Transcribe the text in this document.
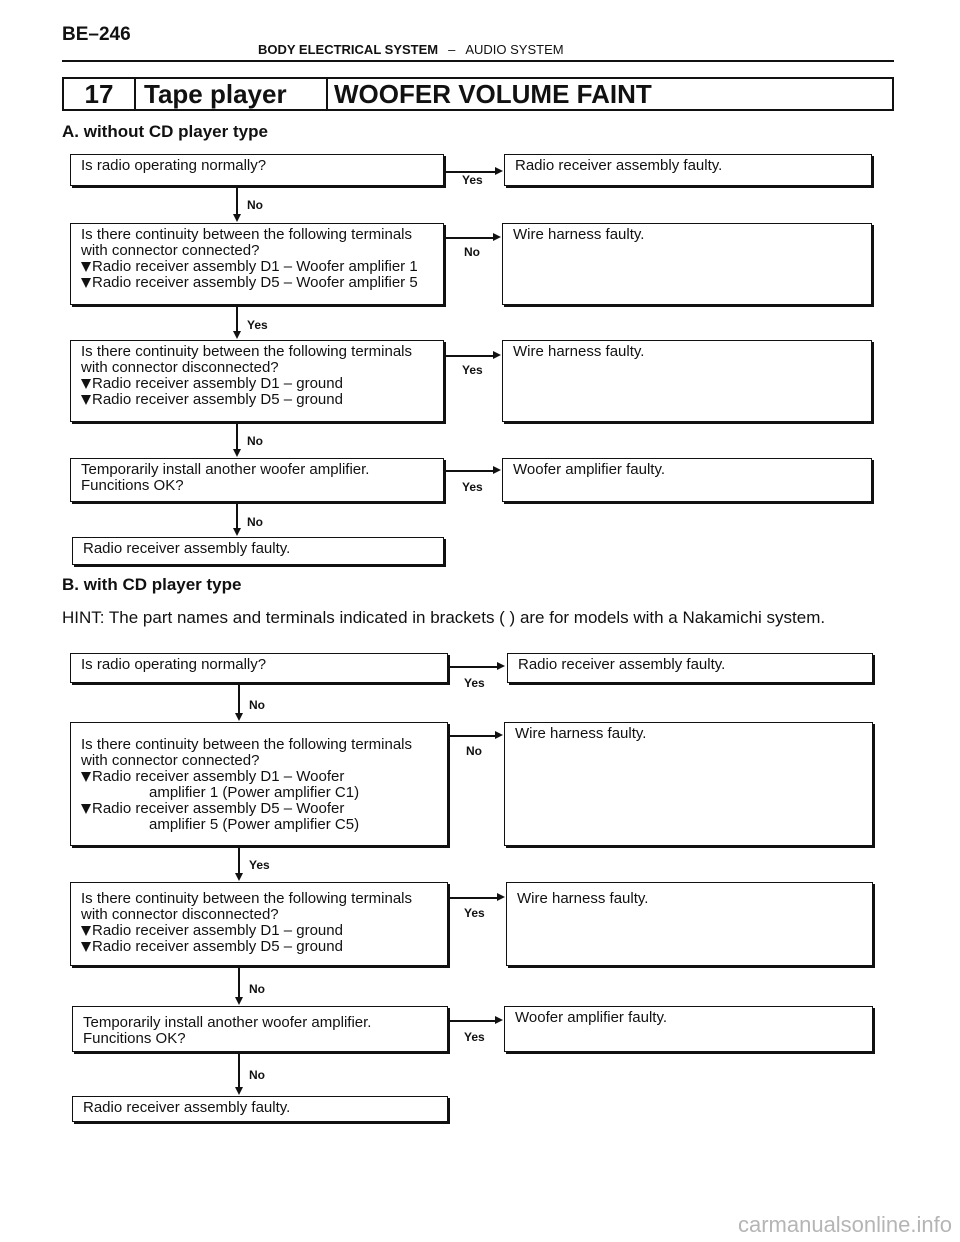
BE–246
BODY ELECTRICAL SYSTEM – AUDIO SYSTEM
17	Tape player	WOOFER VOLUME FAINT
A. without CD player type
Is radio operating normally?	Radio receiver assembly faulty.
Is there continuity between the following terminals
with connector connected?
Radio receiver assembly D1 – Woofer amplifier 1
Radio receiver assembly D5 – Woofer amplifier 5
Wire harness faulty.
Is there continuity between the following terminals
with connector disconnected?
Radio receiver assembly D1 – ground
Radio receiver assembly D5 – ground
Wire harness faulty.
Temporarily install another woofer amplifier.
Funcitions OK?
Woofer amplifier faulty.
Radio receiver assembly faulty.
Yes
No
Yes
Yes
No
Yes
No
No
B. with CD player type
HINT: The part names and terminals indicated in brackets ( ) are for models with a Nakamichi system.
Is radio operating normally?	Radio receiver assembly faulty.
Is there continuity between the following terminals
with connector connected?
Radio receiver assembly D1 – Woofer
amplifier 1 (Power amplifier C1)
Radio receiver assembly D5 – Woofer
amplifier 5 (Power amplifier C5)
Wire harness faulty.
Is there continuity between the following terminals
with connector disconnected?
Radio receiver assembly D1 – ground
Radio receiver assembly D5 – ground
Wire harness faulty.
Temporarily install another woofer amplifier.
Funcitions OK?
Woofer amplifier faulty.
Radio receiver assembly faulty.
Yes
No
Yes
Yes
No
Yes
No
No
carmanualsonline.info
